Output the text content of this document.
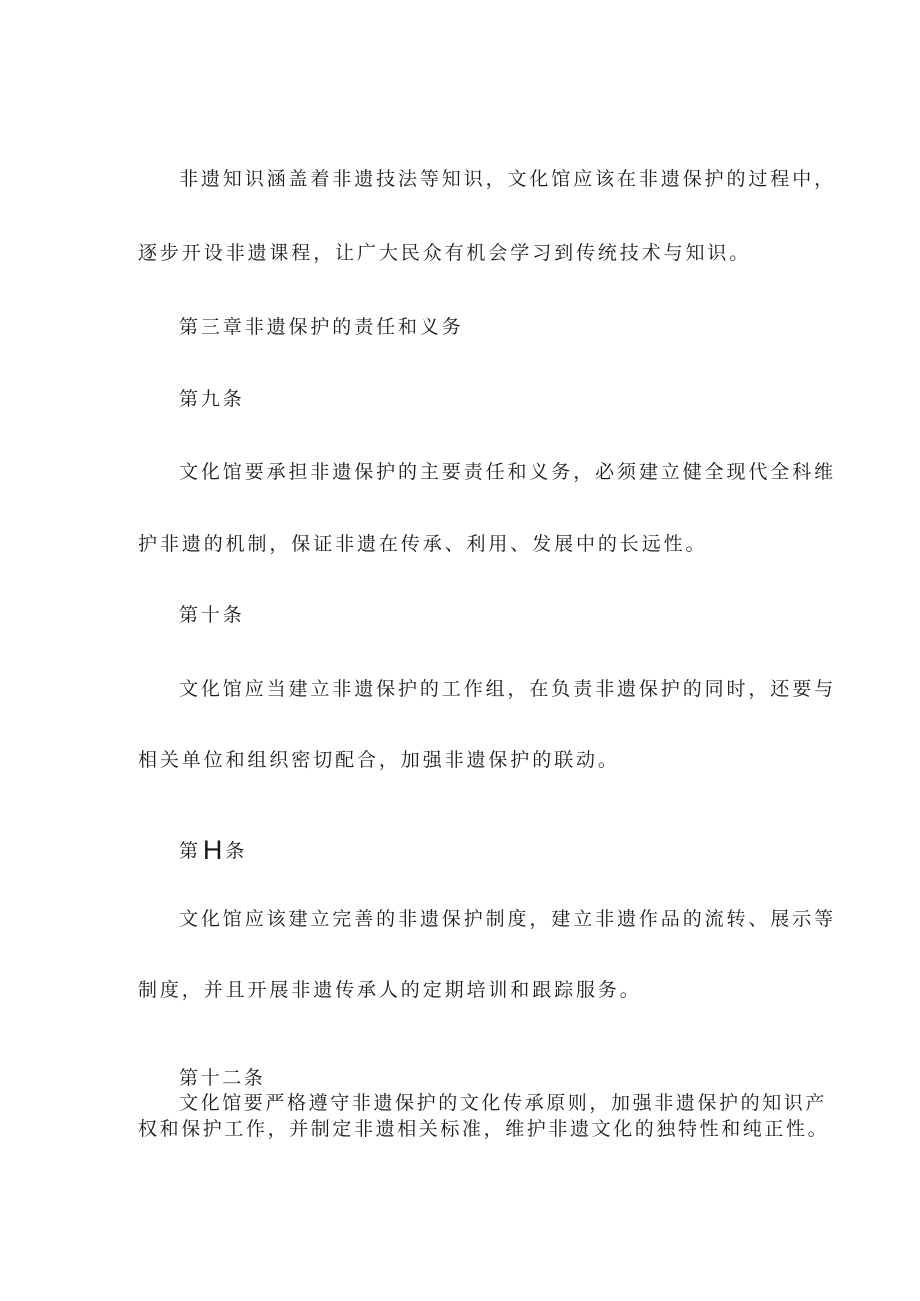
非遗知识涵盖着非遗技法等知识，文化馆应该在非遗保护的过程中，
逐步开设非遗课程，让广大民众有机会学习到传统技术与知识。
第三章非遗保护的责任和义务
第九条
文化馆要承担非遗保护的主要责任和义务，必须建立健全现代全科维
护非遗的机制，保证非遗在传承、利用、发展中的长远性。
第十条
文化馆应当建立非遗保护的工作组，在负责非遗保护的同时，还要与
相关单位和组织密切配合，加强非遗保护的联动。
第H 条
文化馆应该建立完善的非遗保护制度，建立非遗作品的流转、展示等
制度，并且开展非遗传承人的定期培训和跟踪服务。
第十二条
文化馆要严格遵守非遗保护的文化传承原则，加强非遗保护的知识产
权和保护工作，并制定非遗相关标准，维护非遗文化的独特性和纯正性。
